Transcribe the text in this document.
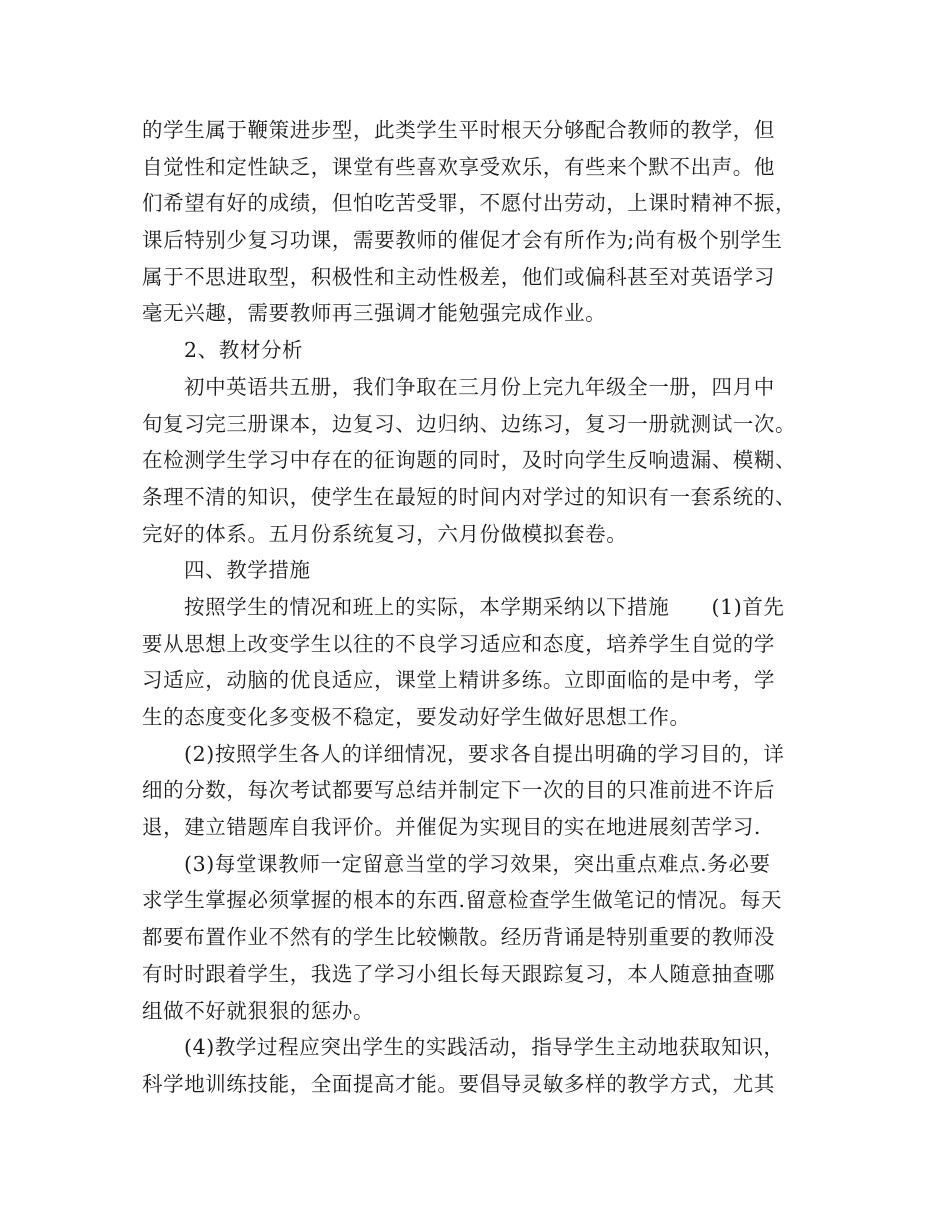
的学生属于鞭策进步型，此类学生平时根天分够配合教师的教学，但
自觉性和定性缺乏，课堂有些喜欢享受欢乐，有些来个默不出声。他
们希望有好的成绩，但怕吃苦受罪，不愿付出劳动，上课时精神不振，
课后特别少复习功课，需要教师的催促才会有所作为;尚有极个别学生
属于不思进取型，积极性和主动性极差，他们或偏科甚至对英语学习
毫无兴趣，需要教师再三强调才能勉强完成作业。
2、教材分析
初中英语共五册，我们争取在三月份上完九年级全一册，四月中
旬复习完三册课本，边复习、边归纳、边练习，复习一册就测试一次。
在检测学生学习中存在的征询题的同时，及时向学生反响遗漏、模糊、
条理不清的知识，使学生在最短的时间内对学过的知识有一套系统的、
完好的体系。五月份系统复习，六月份做模拟套卷。
四、教学措施
按照学生的情况和班上的实际，本学期采纳以下措施　　(1)首先
要从思想上改变学生以往的不良学习适应和态度，培养学生自觉的学
习适应，动脑的优良适应，课堂上精讲多练。立即面临的是中考，学
生的态度变化多变极不稳定，要发动好学生做好思想工作。
(2)按照学生各人的详细情况，要求各自提出明确的学习目的，详
细的分数，每次考试都要写总结并制定下一次的目的只准前进不许后
退，建立错题库自我评价。并催促为实现目的实在地进展刻苦学习.
(3)每堂课教师一定留意当堂的学习效果，突出重点难点.务必要
求学生掌握必须掌握的根本的东西.留意检查学生做笔记的情况。每天
都要布置作业不然有的学生比较懒散。经历背诵是特别重要的教师没
有时时跟着学生，我选了学习小组长每天跟踪复习，本人随意抽查哪
组做不好就狠狠的惩办。
(4)教学过程应突出学生的实践活动，指导学生主动地获取知识，
科学地训练技能，全面提高才能。要倡导灵敏多样的教学方式，尤其
